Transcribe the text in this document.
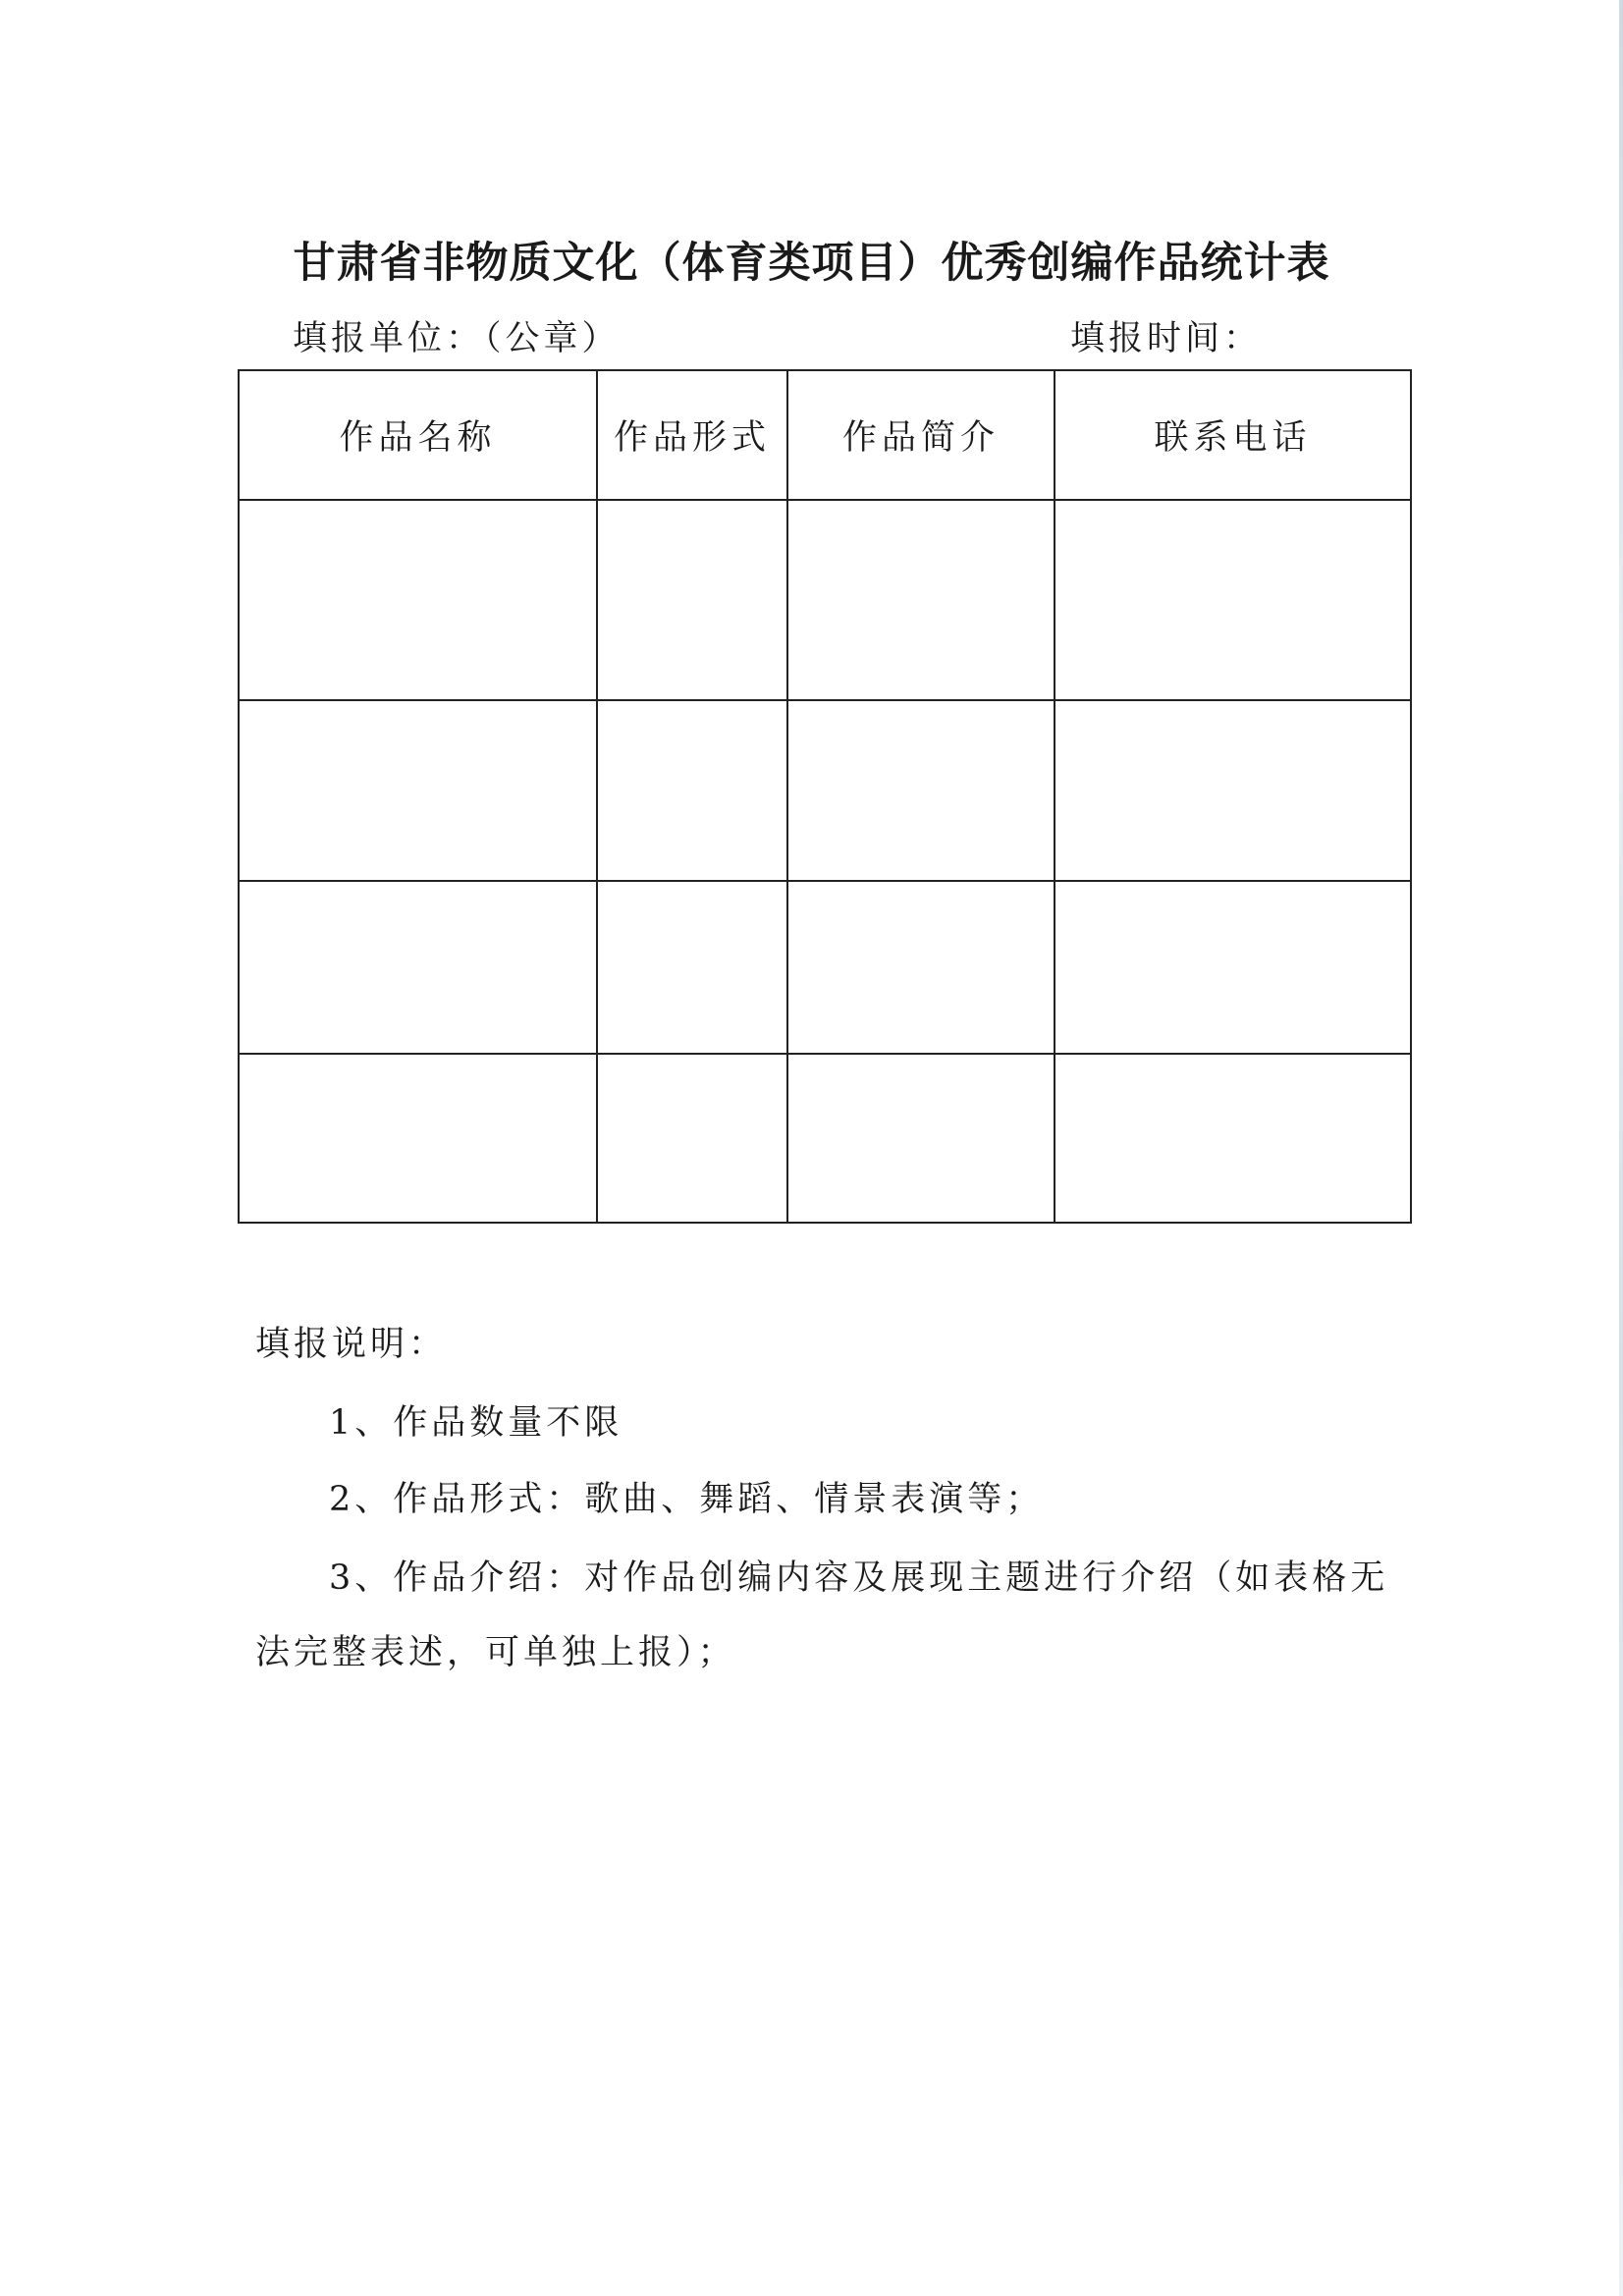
甘肃省非物质文化（体育类项目）优秀创编作品统计表
填报单位：（公章）	填报时间：
作品名称	作品形式	作品简介	联系电话

填报说明：
1、作品数量不限
2、作品形式：歌曲、舞蹈、情景表演等；
3、作品介绍：对作品创编内容及展现主题进行介绍（如表格无
法完整表述，可单独上报）；
